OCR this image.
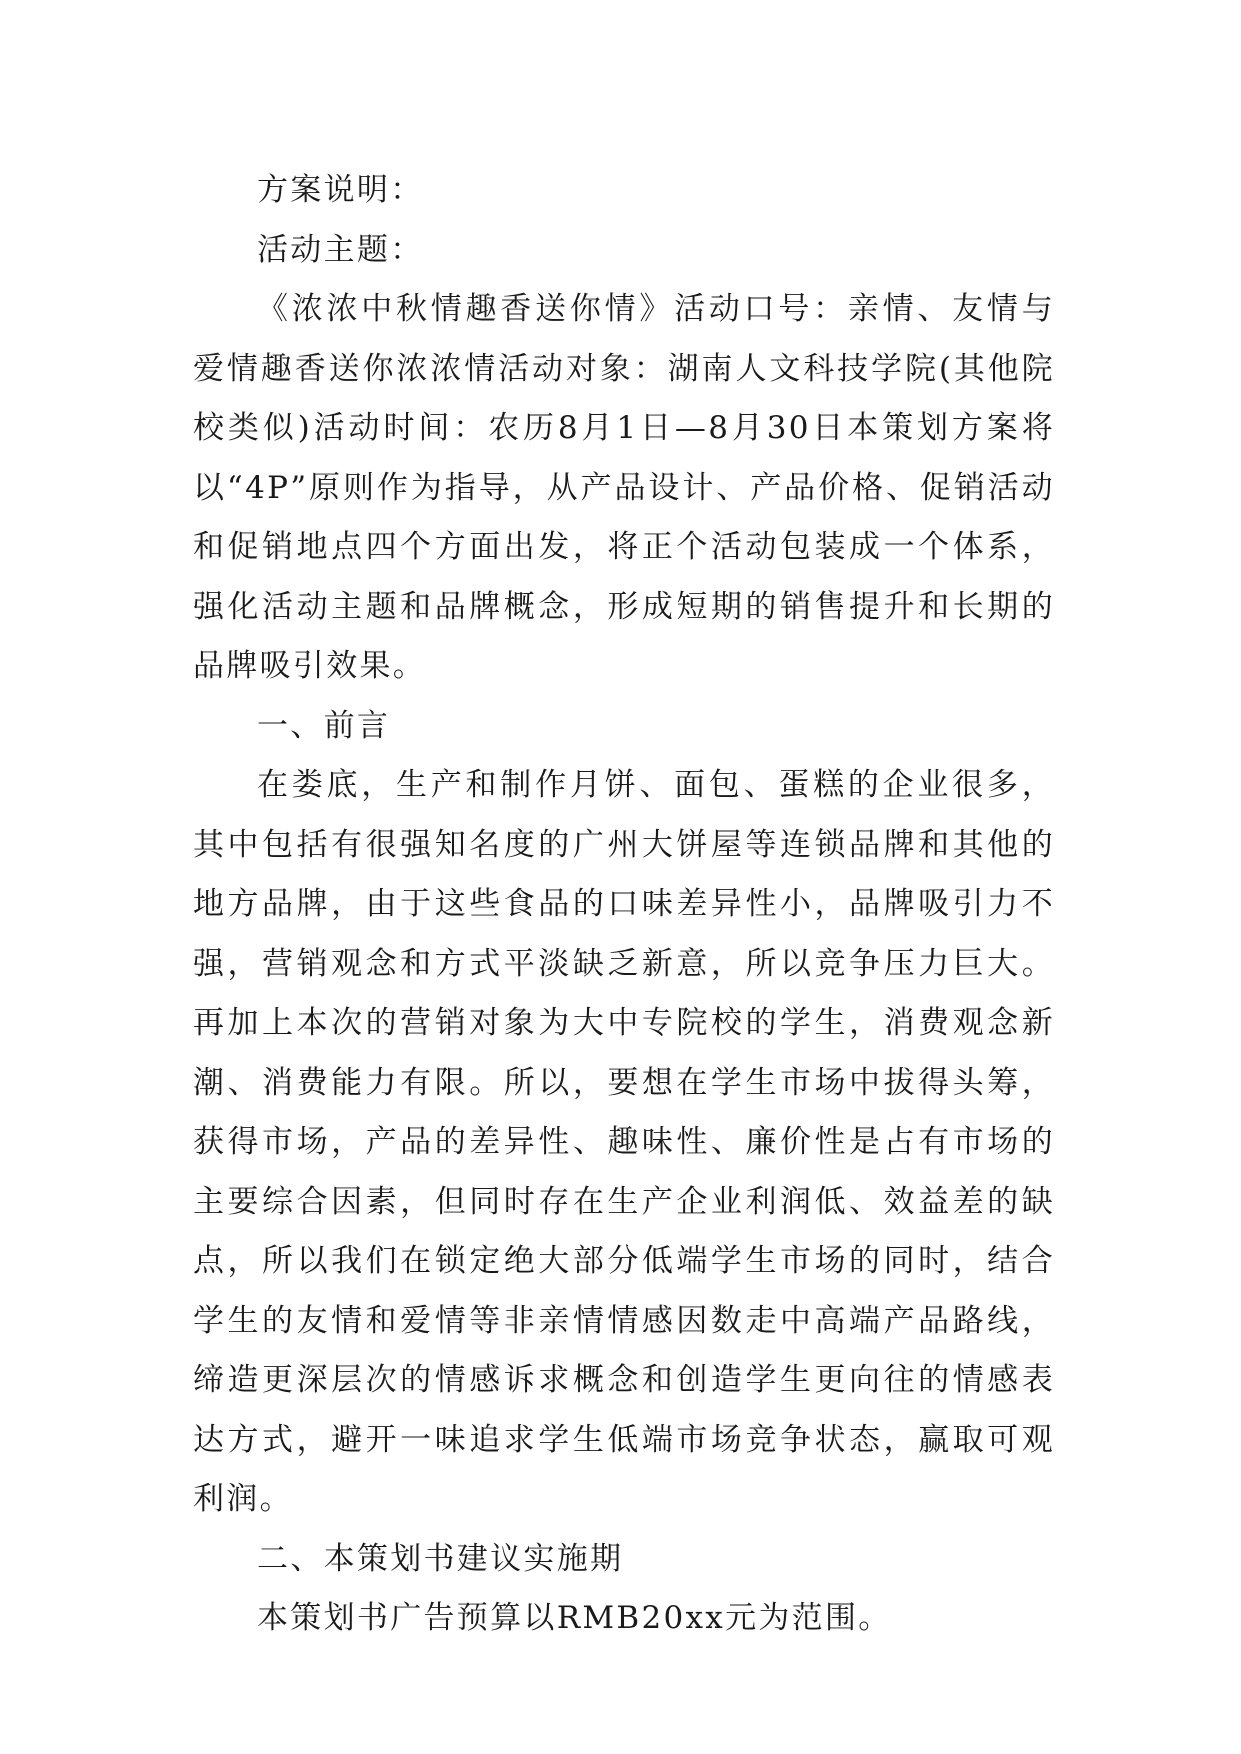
方案说明：

活动主题：

《浓浓中秋情趣香送你情》活动口号：亲情、友情与爱情趣香送你浓浓情活动对象：湖南人文科技学院(其他院校类似)活动时间：农历8月1日—8月30日本策划方案将以“4P”原则作为指导，从产品设计、产品价格、促销活动和促销地点四个方面出发，将正个活动包装成一个体系，强化活动主题和品牌概念，形成短期的销售提升和长期的品牌吸引效果。

一、前言

在娄底，生产和制作月饼、面包、蛋糕的企业很多，其中包括有很强知名度的广州大饼屋等连锁品牌和其他的地方品牌，由于这些食品的口味差异性小，品牌吸引力不强，营销观念和方式平淡缺乏新意，所以竞争压力巨大。再加上本次的营销对象为大中专院校的学生，消费观念新潮、消费能力有限。所以，要想在学生市场中拔得头筹，获得市场，产品的差异性、趣味性、廉价性是占有市场的主要综合因素，但同时存在生产企业利润低、效益差的缺点，所以我们在锁定绝大部分低端学生市场的同时，结合学生的友情和爱情等非亲情情感因数走中高端产品路线，缔造更深层次的情感诉求概念和创造学生更向往的情感表达方式，避开一味追求学生低端市场竞争状态，赢取可观利润。

二、本策划书建议实施期

本策划书广告预算以RMB20xx元为范围。
